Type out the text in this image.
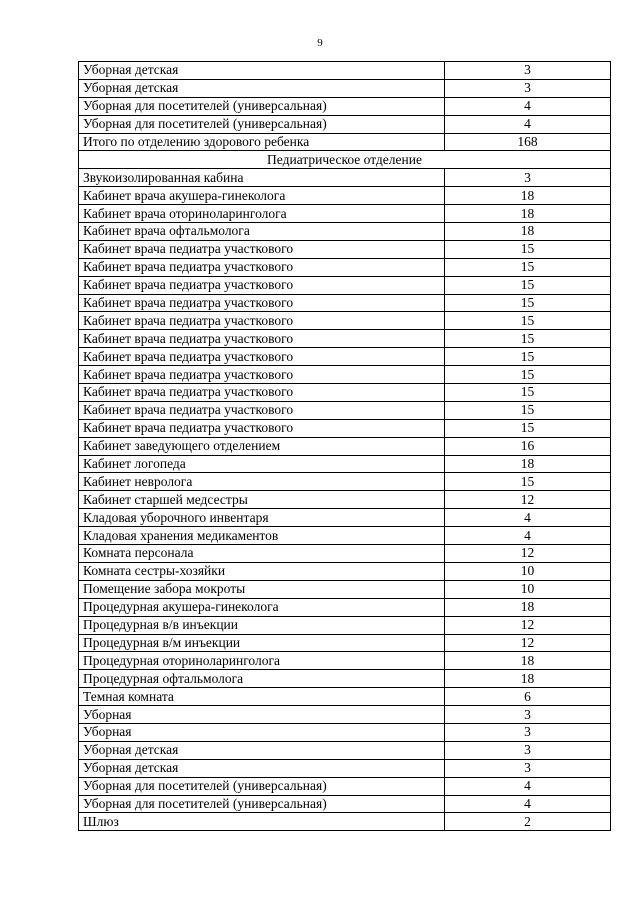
9
Уборная детская	3
Уборная детская	3
Уборная для посетителей (универсальная)	4
Уборная для посетителей (универсальная)	4
Итого по отделению здорового ребенка	168
Педиатрическое отделение	
Звукоизолированная кабина	3
Кабинет врача акушера-гинеколога	18
Кабинет врача оториноларинголога	18
Кабинет врача офтальмолога	18
Кабинет врача педиатра участкового	15
Кабинет врача педиатра участкового	15
Кабинет врача педиатра участкового	15
Кабинет врача педиатра участкового	15
Кабинет врача педиатра участкового	15
Кабинет врача педиатра участкового	15
Кабинет врача педиатра участкового	15
Кабинет врача педиатра участкового	15
Кабинет врача педиатра участкового	15
Кабинет врача педиатра участкового	15
Кабинет врача педиатра участкового	15
Кабинет заведующего отделением	16
Кабинет логопеда	18
Кабинет невролога	15
Кабинет старшей медсестры	12
Кладовая уборочного инвентаря	4
Кладовая хранения медикаментов	4
Комната персонала	12
Комната сестры-хозяйки	10
Помещение забора мокроты	10
Процедурная акушера-гинеколога	18
Процедурная в/в инъекции	12
Процедурная в/м инъекции	12
Процедурная оториноларинголога	18
Процедурная офтальмолога	18
Темная комната	6
Уборная	3
Уборная	3
Уборная детская	3
Уборная детская	3
Уборная для посетителей (универсальная)	4
Уборная для посетителей (универсальная)	4
Шлюз	2
